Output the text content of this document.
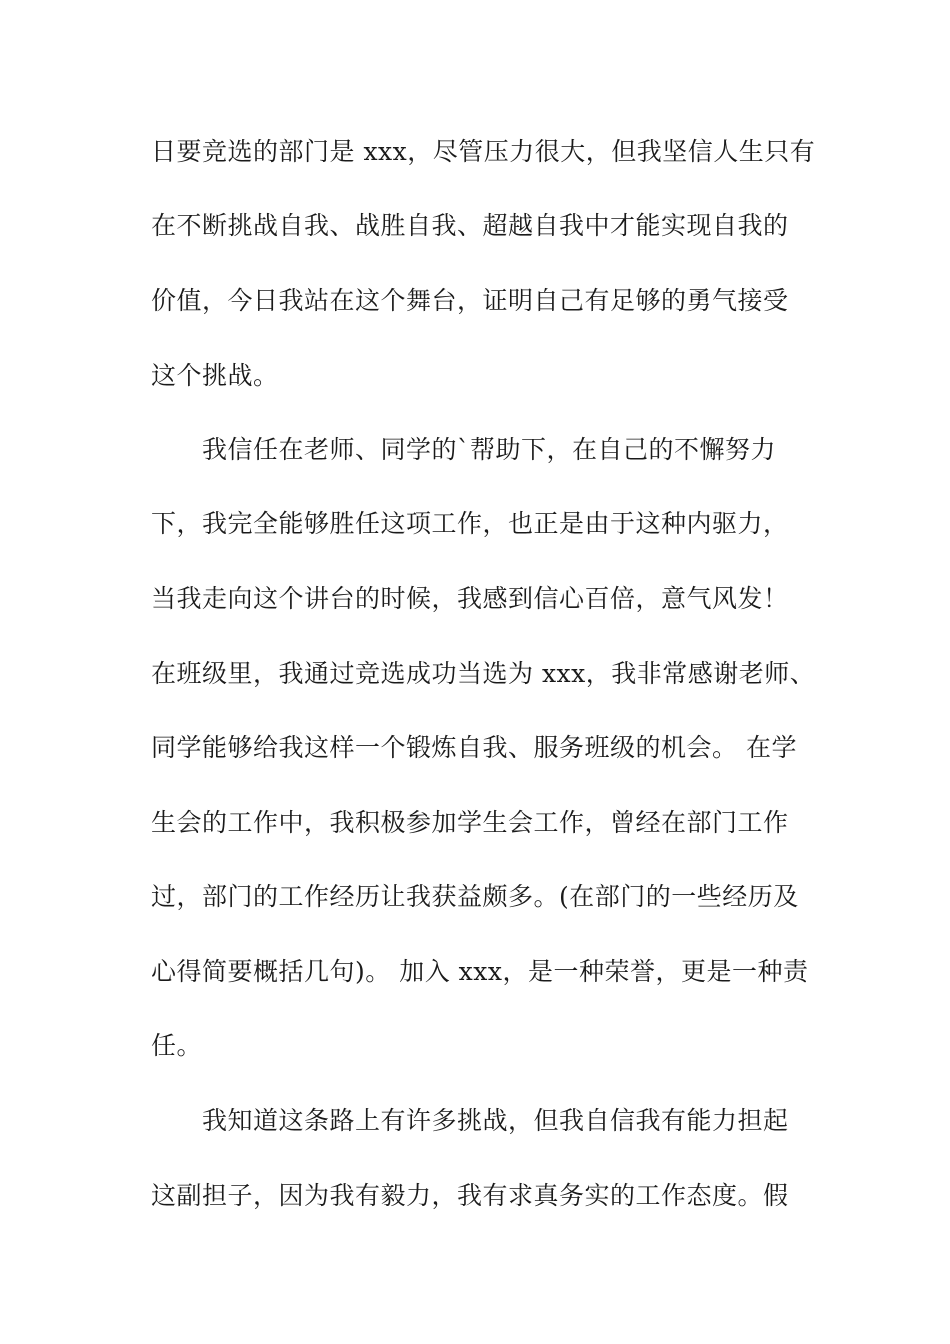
日要竞选的部门是 xxx，尽管压力很大，但我坚信人生只有
在不断挑战自我、战胜自我、超越自我中才能实现自我的
价值，今日我站在这个舞台，证明自己有足够的勇气接受
这个挑战。
我信任在老师、同学的`帮助下，在自己的不懈努力
下，我完全能够胜任这项工作，也正是由于这种内驱力，
当我走向这个讲台的时候，我感到信心百倍，意气风发！
在班级里，我通过竞选成功当选为 xxx，我非常感谢老师、
同学能够给我这样一个锻炼自我、服务班级的机会。 在学
生会的工作中，我积极参加学生会工作，曾经在部门工作
过，部门的工作经历让我获益颇多。(在部门的一些经历及
心得简要概括几句)。 加入 xxx，是一种荣誉，更是一种责
任。
我知道这条路上有许多挑战，但我自信我有能力担起
这副担子，因为我有毅力，我有求真务实的工作态度。假
